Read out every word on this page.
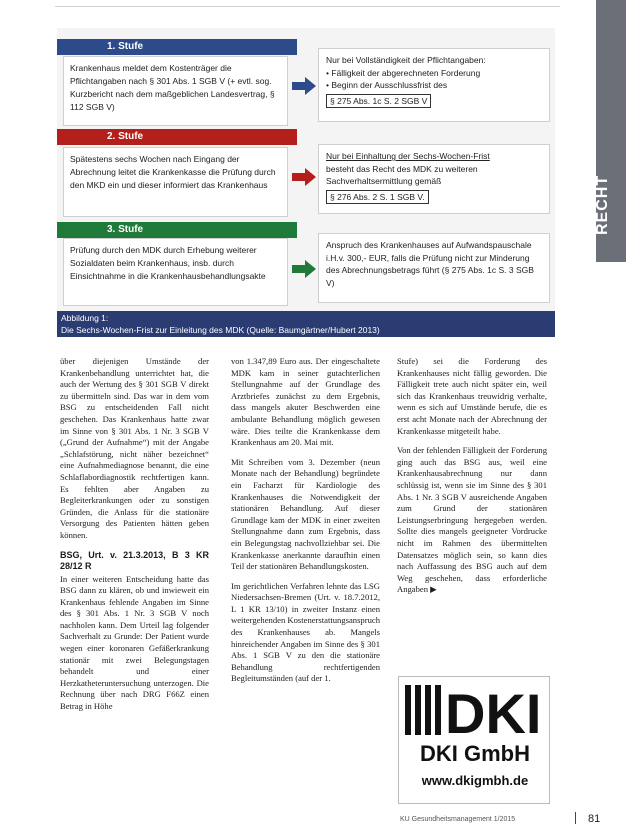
RECHT
1. Stufe
Krankenhaus meldet dem Kostenträger die Pflichtangaben nach § 301 Abs. 1 SGB V (+ evtl. sog. Kurzbericht nach dem maßgeblichen Landesvertrag, § 112 SGB V)
Nur bei Vollständigkeit der Pflichtangaben:
• Fälligkeit der abgerechneten Forderung
• Beginn der Ausschlussfrist des
§ 275 Abs. 1c S. 2 SGB V
2. Stufe
Spätestens sechs Wochen nach Eingang der Abrechnung leitet die Krankenkasse die Prüfung durch den MKD ein und dieser informiert das Krankenhaus
Nur bei Einhaltung der Sechs-Wochen-Frist
besteht das Recht des MDK zu weiteren Sachverhaltsermittlung gemäß
§ 276 Abs. 2 S. 1 SGB V.
3. Stufe
Prüfung durch den MDK durch Erhebung weiterer Sozialdaten beim Krankenhaus, insb. durch Einsichtnahme in die Krankenhausbehandlungsakte
Anspruch des Krankenhauses auf Aufwandspauschale i.H.v. 300,- EUR, falls die Prüfung nicht zur Minderung des Abrechnungsbetrags führt (§ 275 Abs. 1c S. 3 SGB V)
Abbildung 1:
Die Sechs-Wochen-Frist zur Einleitung des MDK (Quelle: Baumgärtner/Hubert 2013)

über diejenigen Umstände der Krankenbehandlung unterrichtet hat, die auch der Wertung des § 301 SGB V direkt zu übermitteln sind. Das war in dem vom BSG zu entscheidenden Fall nicht geschehen. Das Krankenhaus hatte zwar im Sinne von § 301 Abs. 1 Nr. 3 SGB V („Grund der Aufnahme“) mit der Angabe „Schlafstörung, nicht näher bezeichnet“ eine Aufnahmediagnose benannt, die eine Schlaflabordiagnostik rechtfertigen kann. Es fehlten aber Angaben zu Begleiterkrankungen oder zu sonstigen Gründen, die Anlass für die stationäre Versorgung des Patienten hätten geben können.

BSG, Urt. v. 21.3.2013, B 3 KR 28/12 R

In einer weiteren Entscheidung hatte das BSG dann zu klären, ob und inwieweit ein Krankenhaus fehlende Angaben im Sinne des § 301 Abs. 1 Nr. 3 SGB V noch nachholen kann. Dem Urteil lag folgender Sachverhalt zu Grunde: Der Patient wurde wegen einer koronaren Gefäßerkrankung stationär mit zwei Belegungstagen behandelt und einer Herzkatheteruntersuchung unterzogen. Die Rechnung über nach DRG F66Z einen Betrag in Höhe

von 1.347,89 Euro aus. Der eingeschaltete MDK kam in seiner gutachterlichen Stellungnahme auf der Grundlage des Arztbriefes zunächst zu dem Ergebnis, dass mangels akuter Beschwerden eine ambulante Behandlung möglich gewesen wäre. Dies teilte die Krankenkasse dem Krankenhaus am 20. Mai mit.

Mit Schreiben vom 3. Dezember (neun Monate nach der Behandlung) begründete ein Facharzt für Kardiologie des Krankenhauses die Notwendigkeit der stationären Behandlung. Auf dieser Grundlage kam der MDK in einer zweiten Stellungnahme dann zum Ergebnis, dass ein Belegungstag nachvollziehbar sei. Die Krankenkasse anerkannte daraufhin einen Teil der stationären Behandlungskosten.

Im gerichtlichen Verfahren lehnte das LSG Niedersachsen-Bremen (Urt. v. 18.7.2012, L 1 KR 13/10) in zweiter Instanz einen weitergehenden Kostenerstattungsanspruch des Krankenhauses ab. Mangels hinreichender Angaben im Sinne des § 301 Abs. 1 SGB V zu den die stationäre Behandlung rechtfertigenden Begleitumständen (auf der 1.

Stufe) sei die Forderung des Krankenhauses nicht fällig geworden. Die Fälligkeit trete auch nicht später ein, weil sich das Krankenhaus treuwidrig verhalte, wenn es sich auf Umstände berufe, die es erst acht Monate nach der Abrechnung der Krankenkasse mitgeteilt habe.

Von der fehlenden Fälligkeit der Forderung ging auch das BSG aus, weil eine Krankenhausabrechnung nur dann schlüssig ist, wenn sie im Sinne des § 301 Abs. 1 Nr. 3 SGB V ausreichende Angaben zum Grund der stationären Leistungserbringung hergegeben werden. Sollte dies mangels geeigneter Vordrucke nicht im Rahmen des übermittelten Datensatzes möglich sein, so kann dies nach Auffassung des BSG auch auf dem Weg geschehen, dass erforderliche Angaben ▶

DKI
DKI GmbH
www.dkigmbh.de
KU Gesundheitsmanagement 1/2015	81
